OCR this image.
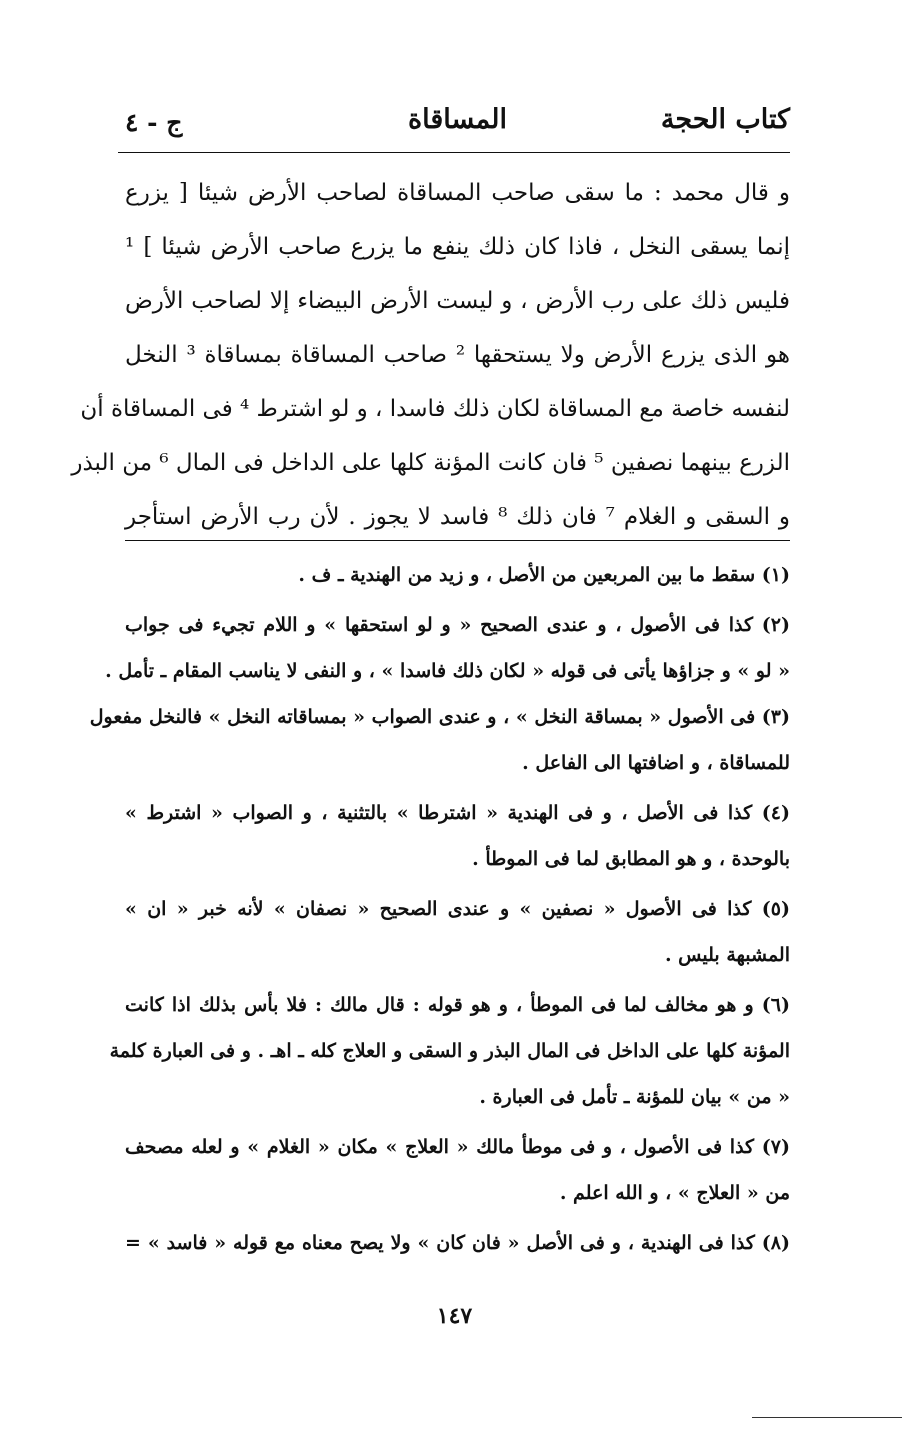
كتاب الحجة
المساقاة
ج - ٤
و قال محمد : ما سقى صاحب المساقاة لصاحب الأرض شيئا [ يزرع
إنما يسقى النخل ، فاذا كان ذلك ينفع ما يزرع صاحب الأرض شيئا ] ¹
فليس ذلك على رب الأرض ، و ليست الأرض البيضاء إلا لصاحب الأرض
هو الذى يزرع الأرض ولا يستحقها ² صاحب المساقاة بمساقاة ³ النخل
لنفسه خاصة مع المساقاة لكان ذلك فاسدا ، و لو اشترط ⁴ فى المساقاة أن
الزرع بينهما نصفين ⁵ فان كانت المؤنة كلها على الداخل فى المال ⁶ من البذر
و السقى و الغلام ⁷ فان ذلك ⁸ فاسد لا يجوز . لأن رب الأرض استأجر
(١) سقط ما بين المربعين من الأصل ، و زيد من الهندية ـ ف .
(٢) كذا فى الأصول ، و عندى الصحيح « و لو استحقها » و اللام تجيء فى جواب
« لو » و جزاؤها يأتى فى قوله « لكان ذلك فاسدا » ، و النفى لا يناسب المقام ـ تأمل .
(٣) فى الأصول « بمساقة النخل » ، و عندى الصواب « بمساقاته النخل » فالنخل مفعول
للمساقاة ، و اضافتها الى الفاعل .
(٤) كذا فى الأصل ، و فى الهندية « اشترطا » بالتثنية ، و الصواب « اشترط »
بالوحدة ، و هو المطابق لما فى الموطأ .
(٥) كذا فى الأصول « نصفين » و عندى الصحيح « نصفان » لأنه خبر « ان »
المشبهة بليس .
(٦) و هو مخالف لما فى الموطأ ، و هو قوله : قال مالك : فلا بأس بذلك اذا كانت
المؤنة كلها على الداخل فى المال البذر و السقى و العلاج كله ـ اهـ . و فى العبارة كلمة
« من » بيان للمؤنة ـ تأمل فى العبارة .
(٧) كذا فى الأصول ، و فى موطأ مالك « العلاج » مكان « الغلام » و لعله مصحف
من « العلاج » ، و الله اعلم .
(٨) كذا فى الهندية ، و فى الأصل « فان كان » ولا يصح معناه مع قوله « فاسد » =
١٤٧
